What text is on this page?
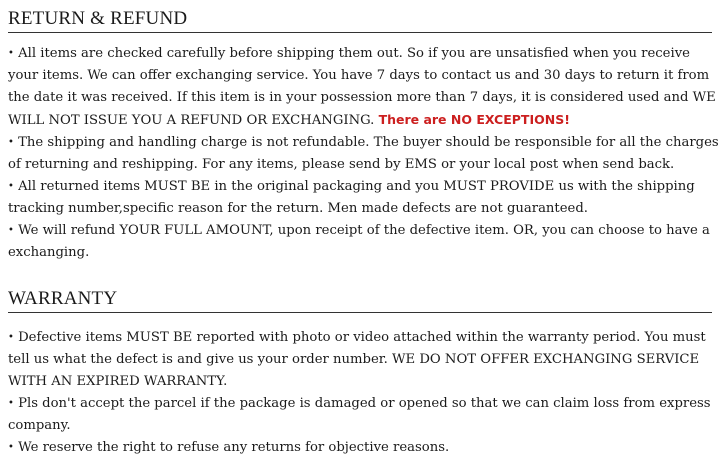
RETURN & REFUND

• All items are checked carefully before shipping them out. So if you are unsatisfied when you receive your items. We can offer exchanging service. You have 7 days to contact us and 30 days to return it from the date it was received. If this item is in your possession more than 7 days, it is considered used and WE WILL NOT ISSUE YOU A REFUND OR EXCHANGING. There are NO EXCEPTIONS!

• The shipping and handling charge is not refundable. The buyer should be responsible for all the charges of returning and reshipping. For any items, please send by EMS or your local post when send back.

• All returned items MUST BE in the original packaging and you MUST PROVIDE us with the shipping tracking number,specific reason for the return. Men made defects are not guaranteed.

• We will refund YOUR FULL AMOUNT, upon receipt of the defective item. OR, you can choose to have a exchanging.

WARRANTY

• Defective items MUST BE reported with photo or video attached within the warranty period. You must tell us what the defect is and give us your order number. WE DO NOT OFFER EXCHANGING SERVICE WITH AN EXPIRED WARRANTY.

• Pls don't accept the parcel if the package is damaged or opened so that we can claim loss from express company.

• We reserve the right to refuse any returns for objective reasons.
